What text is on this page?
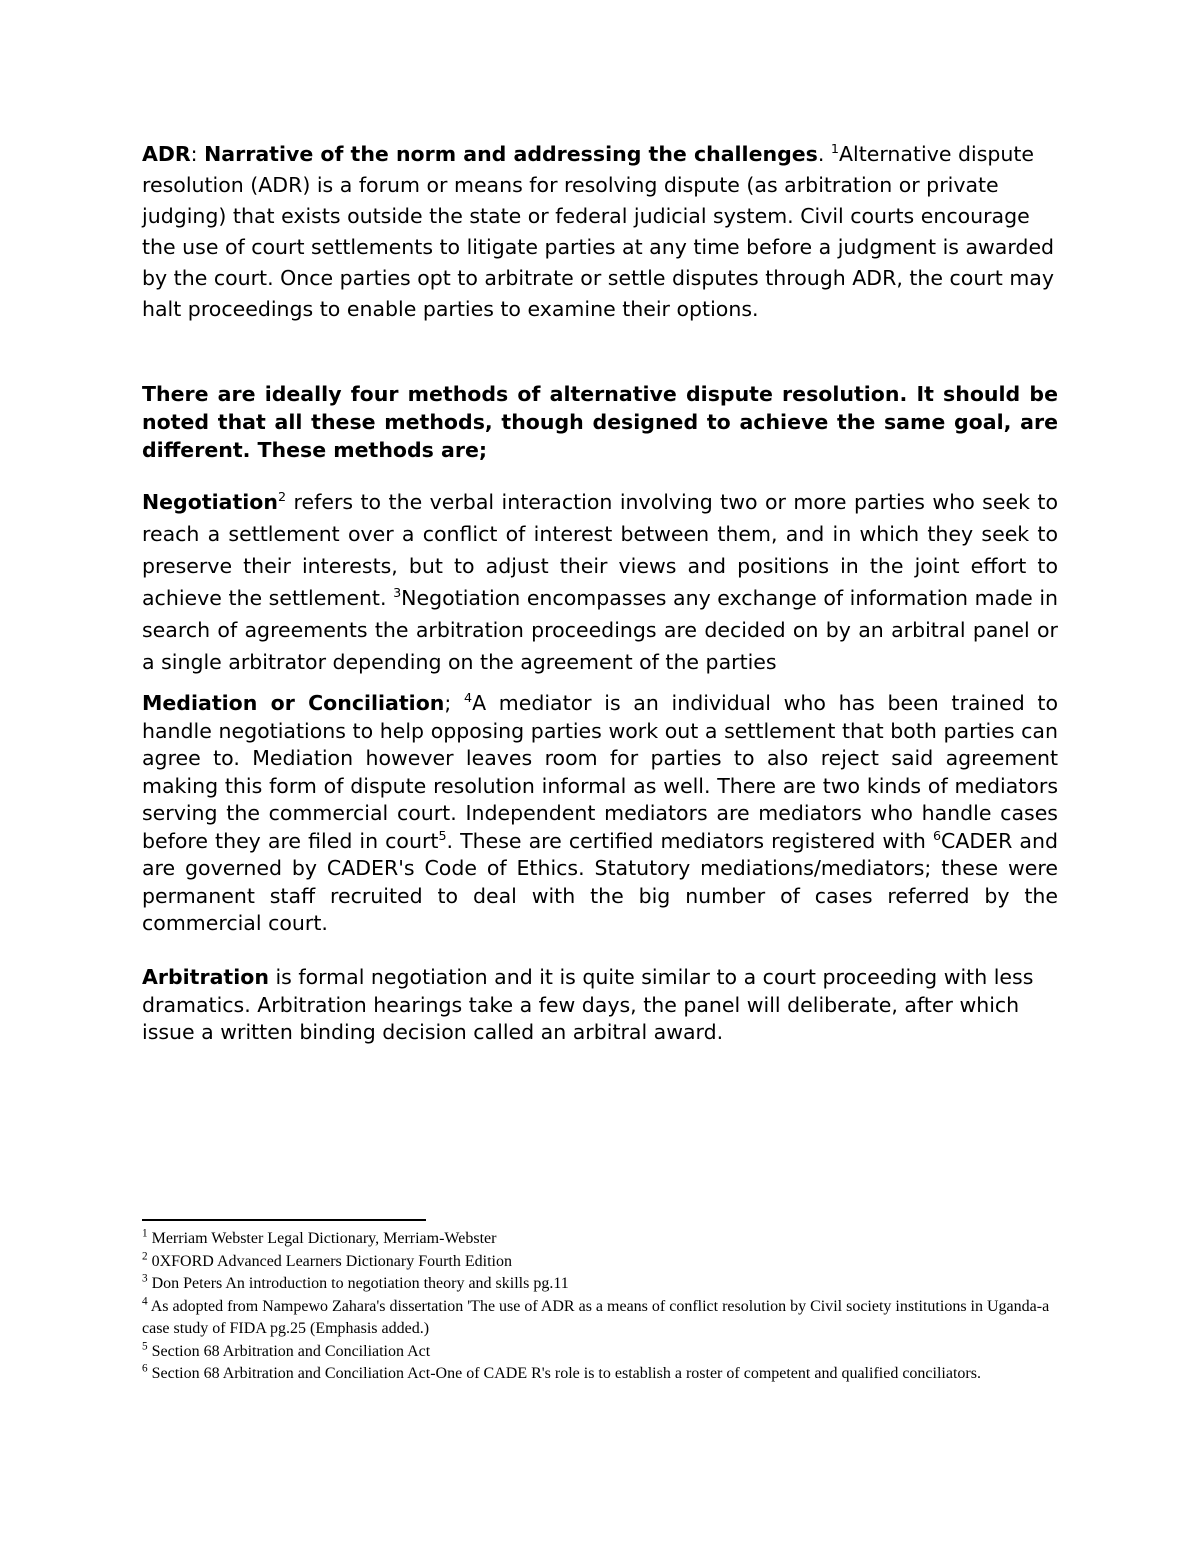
ADR: Narrative of the norm and addressing the challenges. $^1$Alternative dispute resolution (ADR) is a forum or means for resolving dispute (as arbitration or private judging) that exists outside the state or federal judicial system. Civil courts encourage the use of court settlements to litigate parties at any time before a judgment is awarded by the court. Once parties opt to arbitrate or settle disputes through ADR, the court may halt proceedings to enable parties to examine their options.

There are ideally four methods of alternative dispute resolution. It should be noted that all these methods, though designed to achieve the same goal, are different. These methods are;

Negotiation$^2$ refers to the verbal interaction involving two or more parties who seek to reach a settlement over a conflict of interest between them, and in which they seek to preserve their interests, but to adjust their views and positions in the joint effort to achieve the settlement. $^3$Negotiation encompasses any exchange of information made in search of agreements the arbitration proceedings are decided on by an arbitral panel or a single arbitrator depending on the agreement of the parties

Mediation or Conciliation; $^4$A mediator is an individual who has been trained to handle negotiations to help opposing parties work out a settlement that both parties can agree to. Mediation however leaves room for parties to also reject said agreement making this form of dispute resolution informal as well. There are two kinds of mediators serving the commercial court. Independent mediators are mediators who handle cases before they are filed in court$^5$. These are certified mediators registered with $^6$CADER and are governed by CADER's Code of Ethics. Statutory mediations/mediators; these were permanent staff recruited to deal with the big number of cases referred by the commercial court.

Arbitration is formal negotiation and it is quite similar to a court proceeding with less dramatics. Arbitration hearings take a few days, the panel will deliberate, after which issue a written binding decision called an arbitral award.

$^1$ Merriam Webster Legal Dictionary, Merriam-Webster

$^2$ 0XFORD Advanced Learners Dictionary Fourth Edition

$^3$ Don Peters An introduction to negotiation theory and skills pg.11

$^4$ As adopted from Nampewo Zahara's dissertation 'The use of ADR as a means of conflict resolution by Civil society institutions in Uganda-a case study of FIDA pg.25 (Emphasis added.)

$^5$ Section 68 Arbitration and Conciliation Act

$^6$ Section 68 Arbitration and Conciliation Act-One of CADE R's role is to establish a roster of competent and qualified conciliators.
